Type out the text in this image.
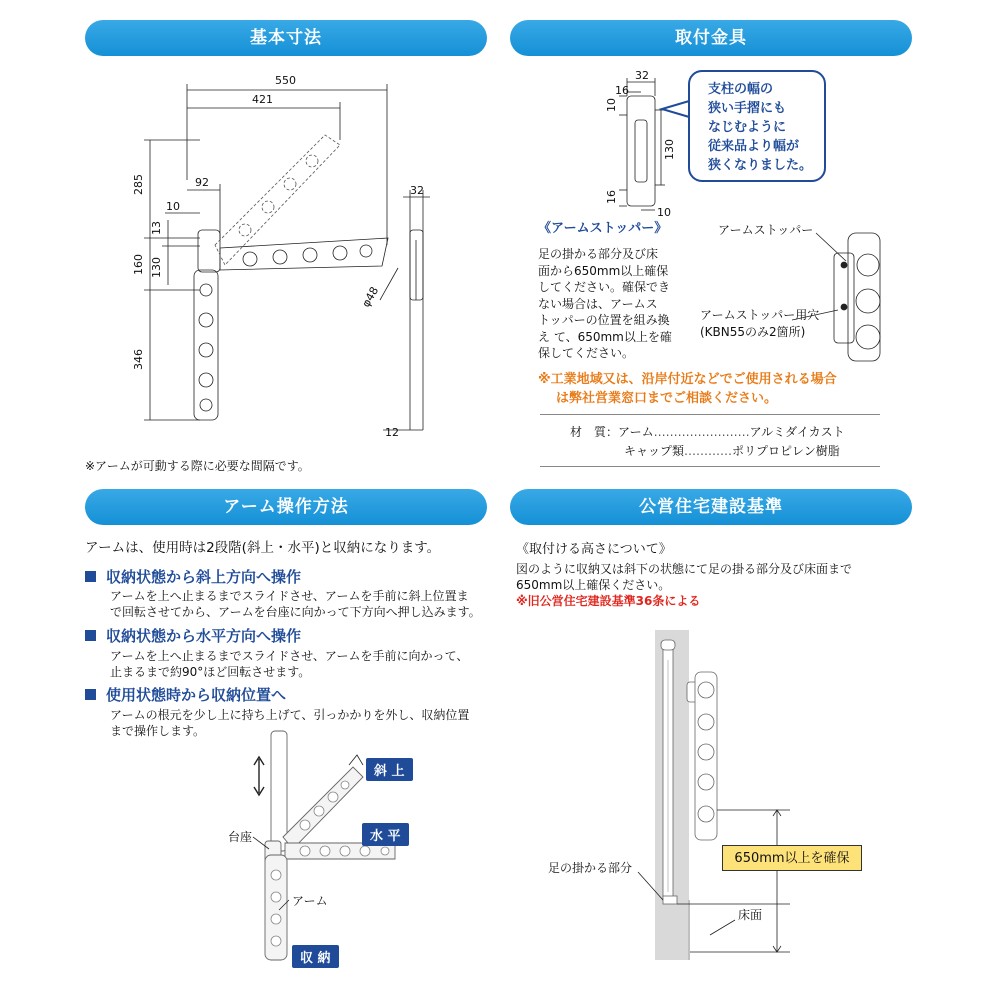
基本寸法	取付金具
アーム操作方法	公営住宅建設基準
550
421
92
10
285
13
160 130
346
φ48
32
12
※アームが可動する際に必要な間隔です。
32
16
10
130
16
10
支柱の幅の
狭い手摺にも
なじむように
従来品より幅が
狭くなりました。
《アームストッパー》
足の掛かる部分及び床
面から650mm以上確保
してください。確保でき
ない場合は、アームス
トッパーの位置を組み換
え て、650mm以上を確
保してください。
アームストッパー
アームストッパー用穴
(KBN55のみ2箇所)
※工業地域又は、沿岸付近などでご使用される場合
は弊社営業窓口までご相談ください。
材　質：アーム……………………アルミダイカスト
キャップ類…………ポリプロピレン樹脂
アームは、使用時は2段階(斜上・水平)と収納になります。
収納状態から斜上方向へ操作
アームを上へ止まるまでスライドさせ、アームを手前に斜上位置ま
で回転させてから、アームを台座に向かって下方向へ押し込みます。
収納状態から水平方向へ操作
アームを上へ止まるまでスライドさせ、アームを手前に向かって、
止まるまで約90°ほど回転させます。
使用状態時から収納位置へ
アームの根元を少し上に持ち上げて、引っかかりを外し、収納位置
まで操作します。
斜 上
水 平
収 納
台座
アーム
《取付ける高さについて》
図のように収納又は斜下の状態にて足の掛る部分及び床面まで
650mm以上確保ください。
※旧公営住宅建設基準36条による
650mm以上を確保
足の掛かる部分
床面
